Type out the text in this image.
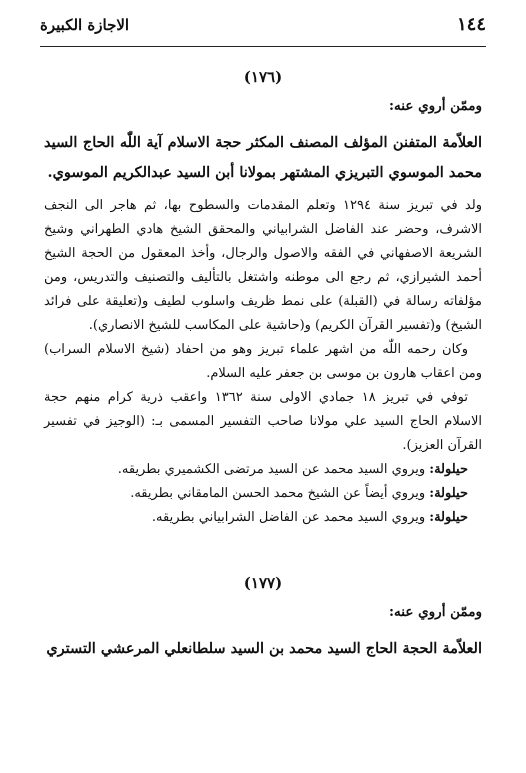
١٤٤
الاجازة الكبيرة
(١٧٦)

وممّن أروي عنه:

العلاّمة المتفنن المؤلف المصنف المكثر حجة الاسلام آية اللّٰه الحاج السيد محمد الموسوي التبريزي المشتهر بمولانا أبن السيد عبدالكريم الموسوي.

ولد في تبريز سنة ١٢٩٤ وتعلم المقدمات والسطوح بها، ثم هاجر الى النجف الاشرف، وحضر عند الفاضل الشرابياني والمحقق الشيخ هادي الطهراني وشيخ الشريعة الاصفهاني في الفقه والاصول والرجال، وأخذ المعقول من الحجة الشيخ أحمد الشيرازي، ثم رجع الى موطنه واشتغل بالتأليف والتصنيف والتدريس، ومن مؤلفاته رسالة في (القبلة) على نمط ظريف واسلوب لطيف و(تعليقة على فرائد الشيخ) و(تفسير القرآن الكريم) و(حاشية على المكاسب للشيخ الانصاري).

وكان رحمه اللّٰه من اشهر علماء تبريز وهو من احفاد (شيخ الاسلام السراب) ومن اعقاب هارون بن موسى بن جعفر عليه السلام.

توفي في تبريز ١٨ جمادي الاولى سنة ١٣٦٢ واعقب ذرية كرام منهم حجة الاسلام الحاج السيد علي مولانا صاحب التفسير المسمى بـ: (الوجيز في تفسير القرآن العزيز).

حيلولة: ويروي السيد محمد عن السيد مرتضى الكشميري بطريقه.

حيلولة: ويروي أيضاً عن الشيخ محمد الحسن المامقاني بطريقه.

حيلولة: ويروي السيد محمد عن الفاضل الشرابياني بطريقه.

(١٧٧)

وممّن أروي عنه:

العلاّمة الحجة الحاج السيد محمد بن السيد سلطانعلي المرعشي التستري
